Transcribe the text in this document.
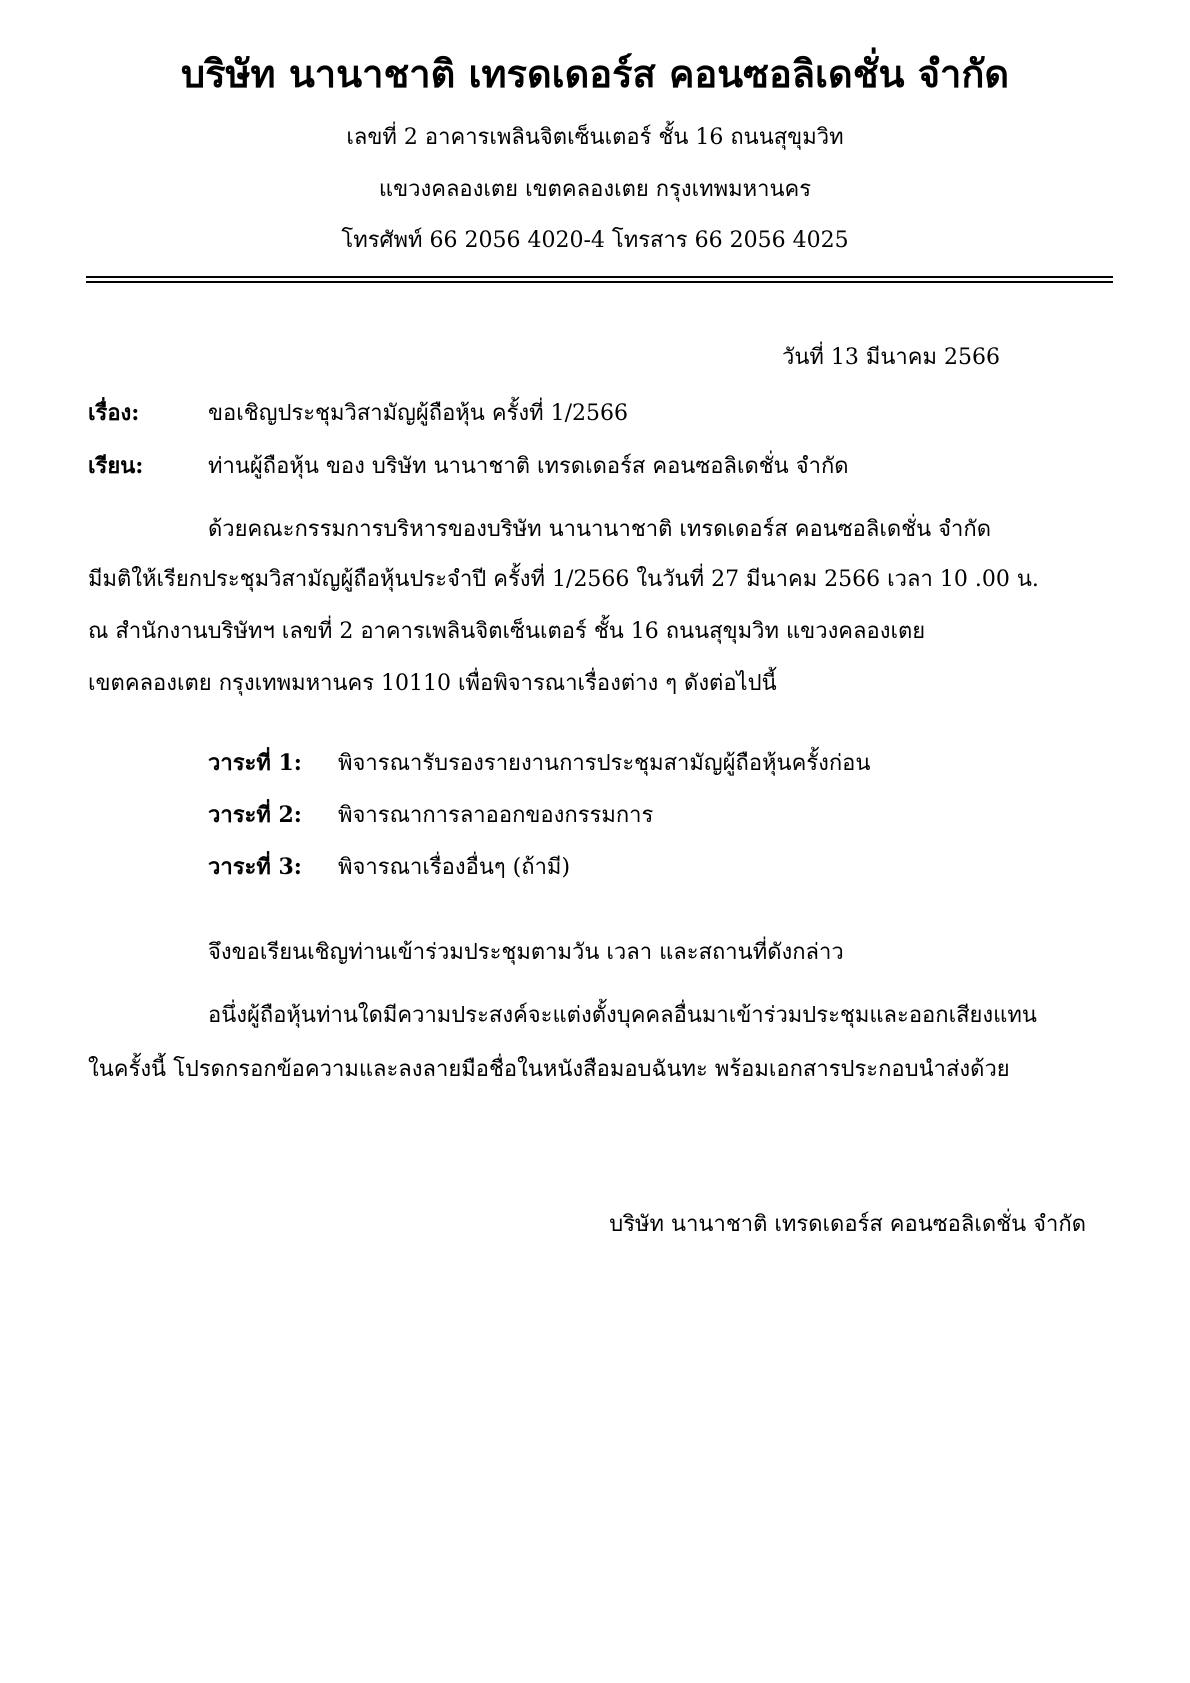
บริษัท นานาชาติ เทรดเดอร์ส คอนซอลิเดชั่น จำกัด
เลขที่ 2 อาคารเพลินจิตเซ็นเตอร์ ชั้น 16 ถนนสุขุมวิท
แขวงคลองเตย เขตคลองเตย กรุงเทพมหานคร
โทรศัพท์ 66 2056 4020-4 โทรสาร 66 2056 4025
วันที่ 13 มีนาคม 2566
เรื่อง:	ขอเชิญประชุมวิสามัญผู้ถือหุ้น ครั้งที่ 1/2566
เรียน:	ท่านผู้ถือหุ้น ของ บริษัท นานาชาติ เทรดเดอร์ส คอนซอลิเดชั่น จำกัด
ด้วยคณะกรรมการบริหารของบริษัท นานานาชาติ เทรดเดอร์ส คอนซอลิเดชั่น จำกัด
มีมติให้เรียกประชุมวิสามัญผู้ถือหุ้นประจำปี ครั้งที่ 1/2566 ในวันที่ 27 มีนาคม 2566 เวลา 10 .00 น.
ณ สำนักงานบริษัทฯ เลขที่ 2 อาคารเพลินจิตเซ็นเตอร์ ชั้น 16 ถนนสุขุมวิท แขวงคลองเตย
เขตคลองเตย กรุงเทพมหานคร 10110 เพื่อพิจารณาเรื่องต่าง ๆ ดังต่อไปนี้
วาระที่ 1: พิจารณารับรองรายงานการประชุมสามัญผู้ถือหุ้นครั้งก่อน
วาระที่ 2: พิจารณาการลาออกของกรรมการ
วาระที่ 3: พิจารณาเรื่องอื่นๆ (ถ้ามี)
จึงขอเรียนเชิญท่านเข้าร่วมประชุมตามวัน เวลา และสถานที่ดังกล่าว
อนึ่งผู้ถือหุ้นท่านใดมีความประสงค์จะแต่งตั้งบุคคลอื่นมาเข้าร่วมประชุมและออกเสียงแทน
ในครั้งนี้ โปรดกรอกข้อความและลงลายมือชื่อในหนังสือมอบฉันทะ พร้อมเอกสารประกอบนำส่งด้วย
บริษัท นานาชาติ เทรดเดอร์ส คอนซอลิเดชั่น จำกัด
